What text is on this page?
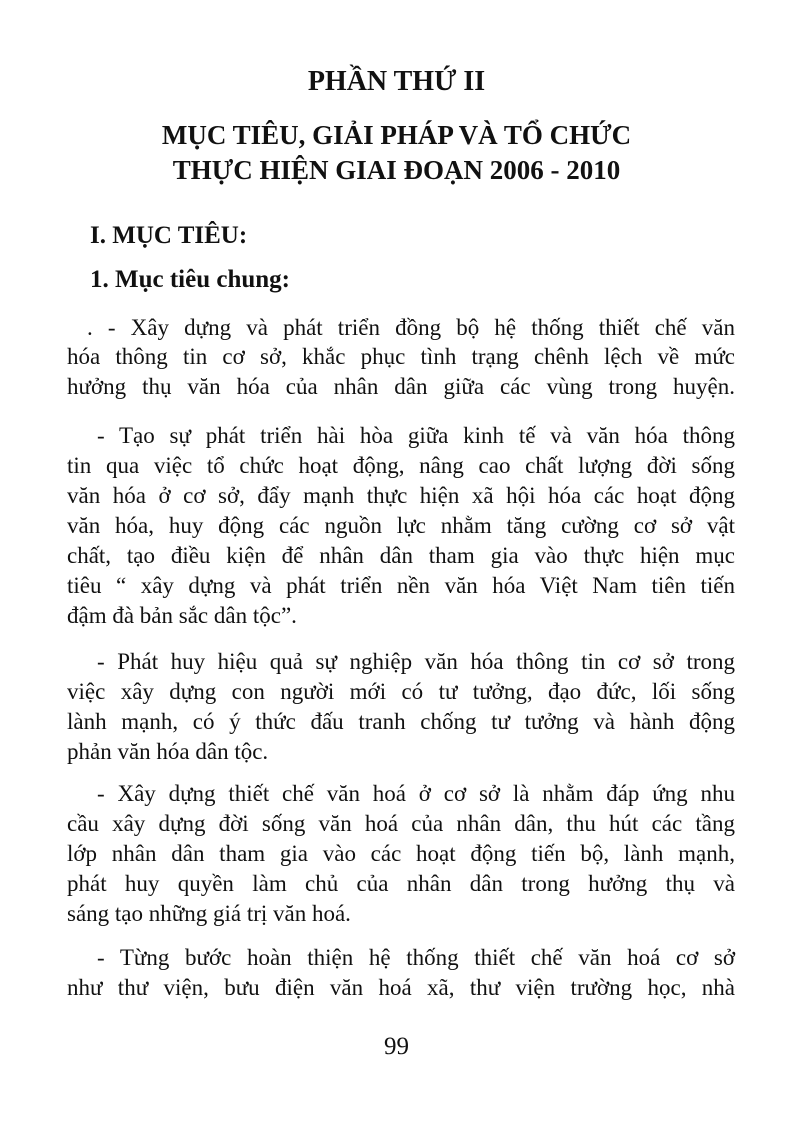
PHẦN THỨ II
MỤC TIÊU, GIẢI PHÁP VÀ TỔ CHỨC
THỰC HIỆN GIAI ĐOẠN 2006 - 2010
I. MỤC TIÊU:
1. Mục tiêu chung:
. - Xây dựng và phát triển đồng bộ hệ thống thiết chế văn
hóa thông tin cơ sở, khắc phục tình trạng chênh lệch về mức
hưởng thụ văn hóa của nhân dân giữa các vùng trong huyện.
- Tạo sự phát triển hài hòa giữa kinh tế và văn hóa thông
tin qua việc tổ chức hoạt động, nâng cao chất lượng đời sống
văn hóa ở cơ sở, đẩy mạnh thực hiện xã hội hóa các hoạt động
văn hóa, huy động các nguồn lực nhằm tăng cường cơ sở vật
chất, tạo điều kiện để nhân dân tham gia vào thực hiện mục
tiêu “ xây dựng và phát triển nền văn hóa Việt Nam tiên tiến
đậm đà bản sắc dân tộc”.
- Phát huy hiệu quả sự nghiệp văn hóa thông tin cơ sở trong
việc xây dựng con người mới có tư tưởng, đạo đức, lối sống
lành mạnh, có ý thức đấu tranh chống tư tưởng và hành động
phản văn hóa dân tộc.
- Xây dựng thiết chế văn hoá ở cơ sở là nhằm đáp ứng nhu
cầu xây dựng đời sống văn hoá của nhân dân, thu hút các tầng
lớp nhân dân tham gia vào các hoạt động tiến bộ, lành mạnh,
phát huy quyền làm chủ của nhân dân trong hưởng thụ và
sáng tạo những giá trị văn hoá.
- Từng bước hoàn thiện hệ thống thiết chế văn hoá cơ sở
như thư viện, bưu điện văn hoá xã, thư viện trường học, nhà
99
